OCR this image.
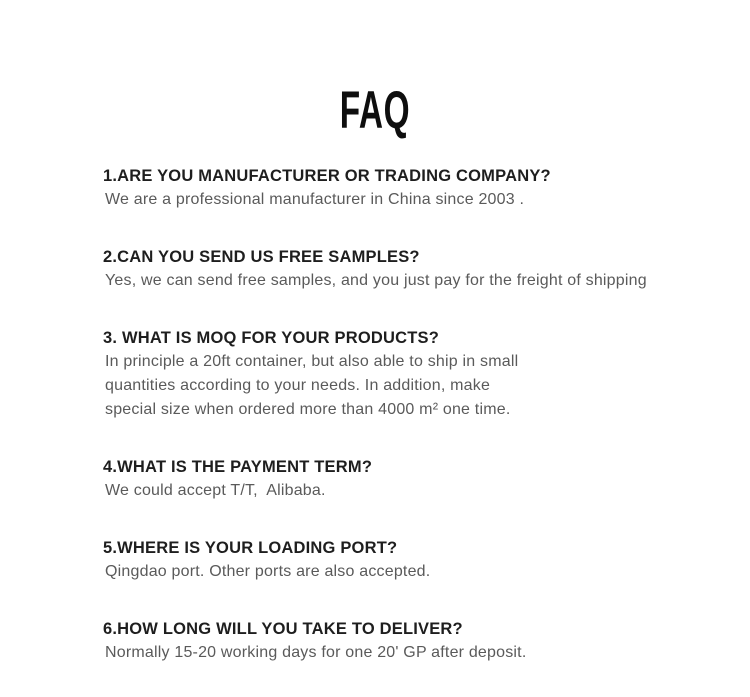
FAQ
1.ARE YOU MANUFACTURER OR TRADING COMPANY?
We are a professional manufacturer in China since 2003 .
2.CAN YOU SEND US FREE SAMPLES?
Yes, we can send free samples, and you just pay for the freight of shipping
3. WHAT IS MOQ FOR YOUR PRODUCTS?
In principle a 20ft container, but also able to ship in small
quantities according to your needs. In addition, make
special size when ordered more than 4000 m² one time.
4.WHAT IS THE PAYMENT TERM?
We could accept T/T,  Alibaba.
5.WHERE IS YOUR LOADING PORT?
Qingdao port. Other ports are also accepted.
6.HOW LONG WILL YOU TAKE TO DELIVER?
Normally 15-20 working days for one 20' GP after deposit.
